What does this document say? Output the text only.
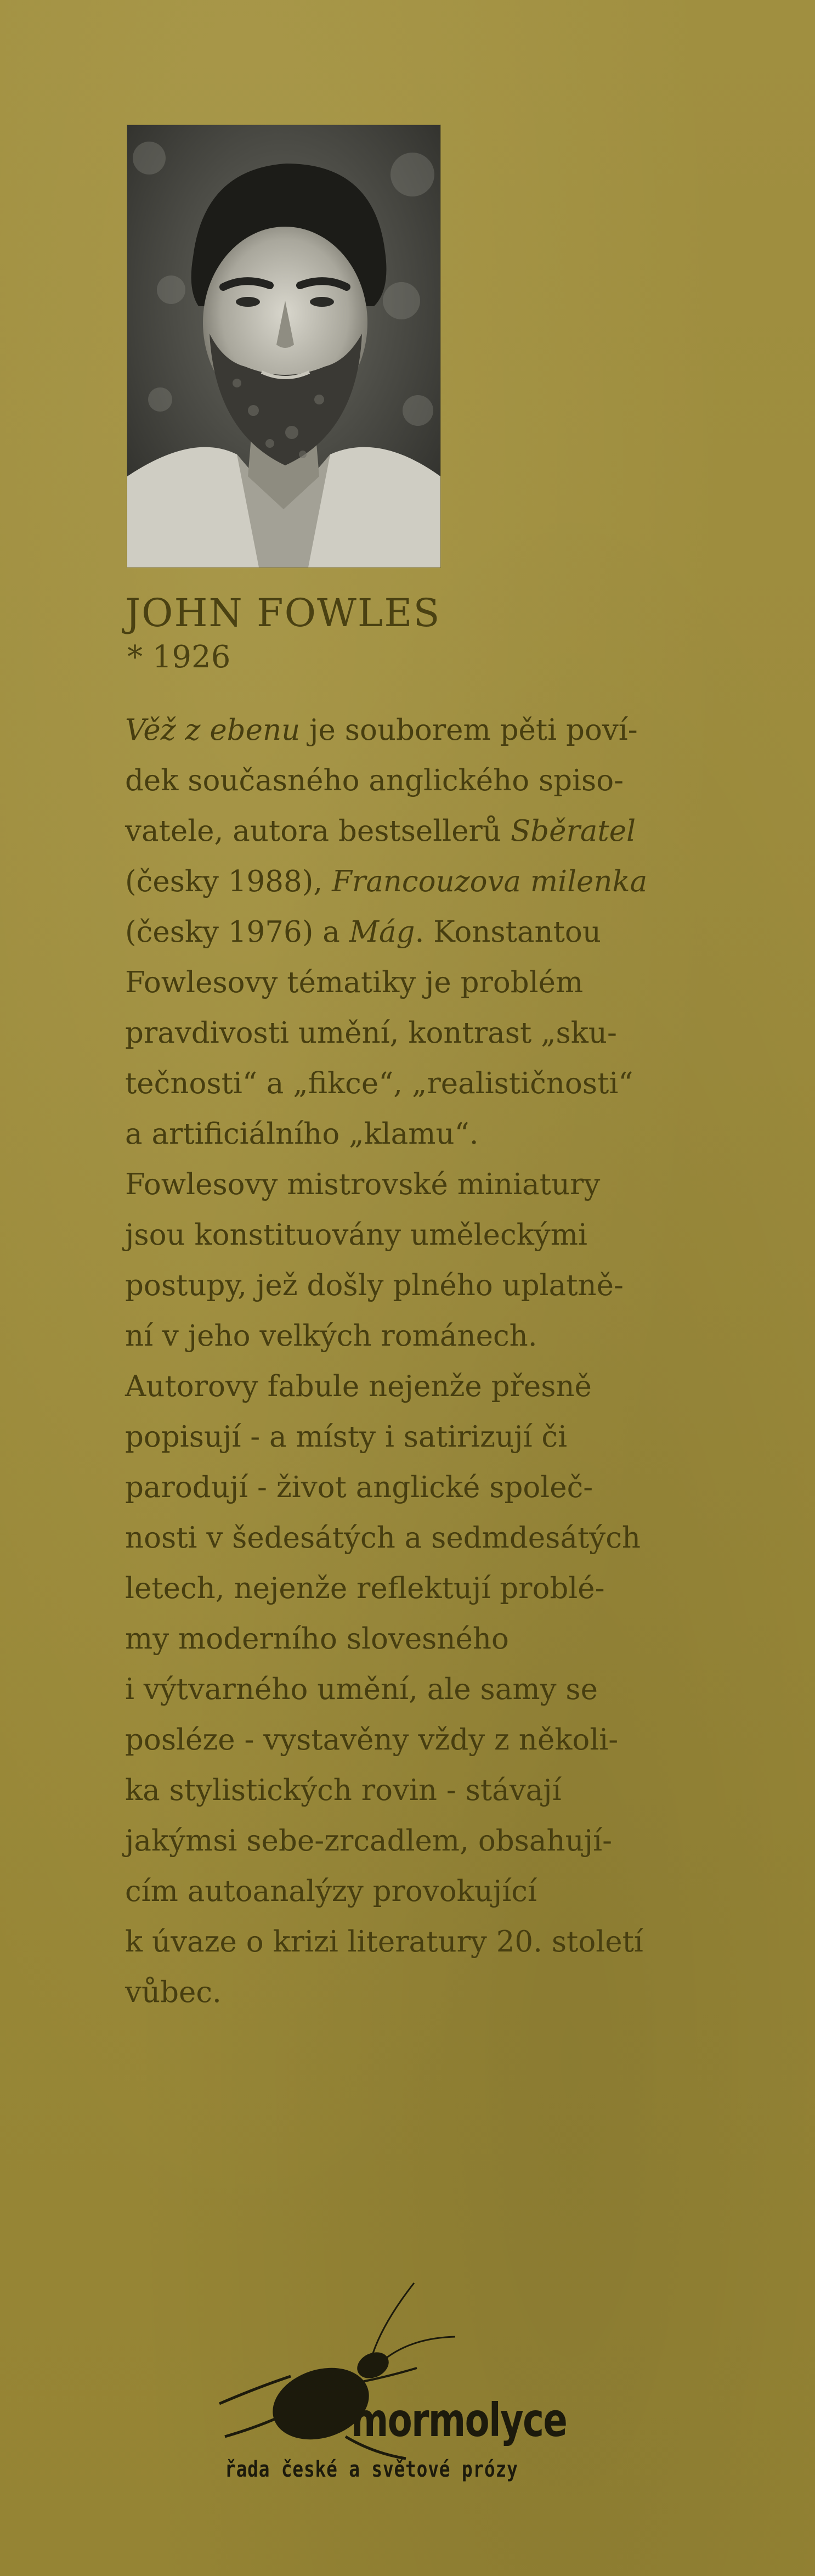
JOHN FOWLES
* 1926
Věž z ebenu je souborem pěti poví-
dek současného anglického spiso-
vatele, autora bestsellerů Sběratel
(česky 1988), Francouzova milenka
(česky 1976) a Mág. Konstantou
Fowlesovy tématiky je problém
pravdivosti umění, kontrast „sku-
tečnosti“ a „fikce“, „realističnosti“
a artificiálního „klamu“.
Fowlesovy mistrovské miniatury
jsou konstituovány uměleckými
postupy, jež došly plného uplatně-
ní v jeho velkých románech.
Autorovy fabule nejenže přesně
popisují - a místy i satirizují či
parodují - život anglické společ-
nosti v šedesátých a sedmdesátých
letech, nejenže reflektují problé-
my moderního slovesného
i výtvarného umění, ale samy se
posléze - vystavěny vždy z několi-
ka stylistických rovin - stávají
jakýmsi sebe-zrcadlem, obsahují-
cím autoanalýzy provokující
k úvaze o krizi literatury 20. století
vůbec.
mormolyce
řada české a světové prózy
